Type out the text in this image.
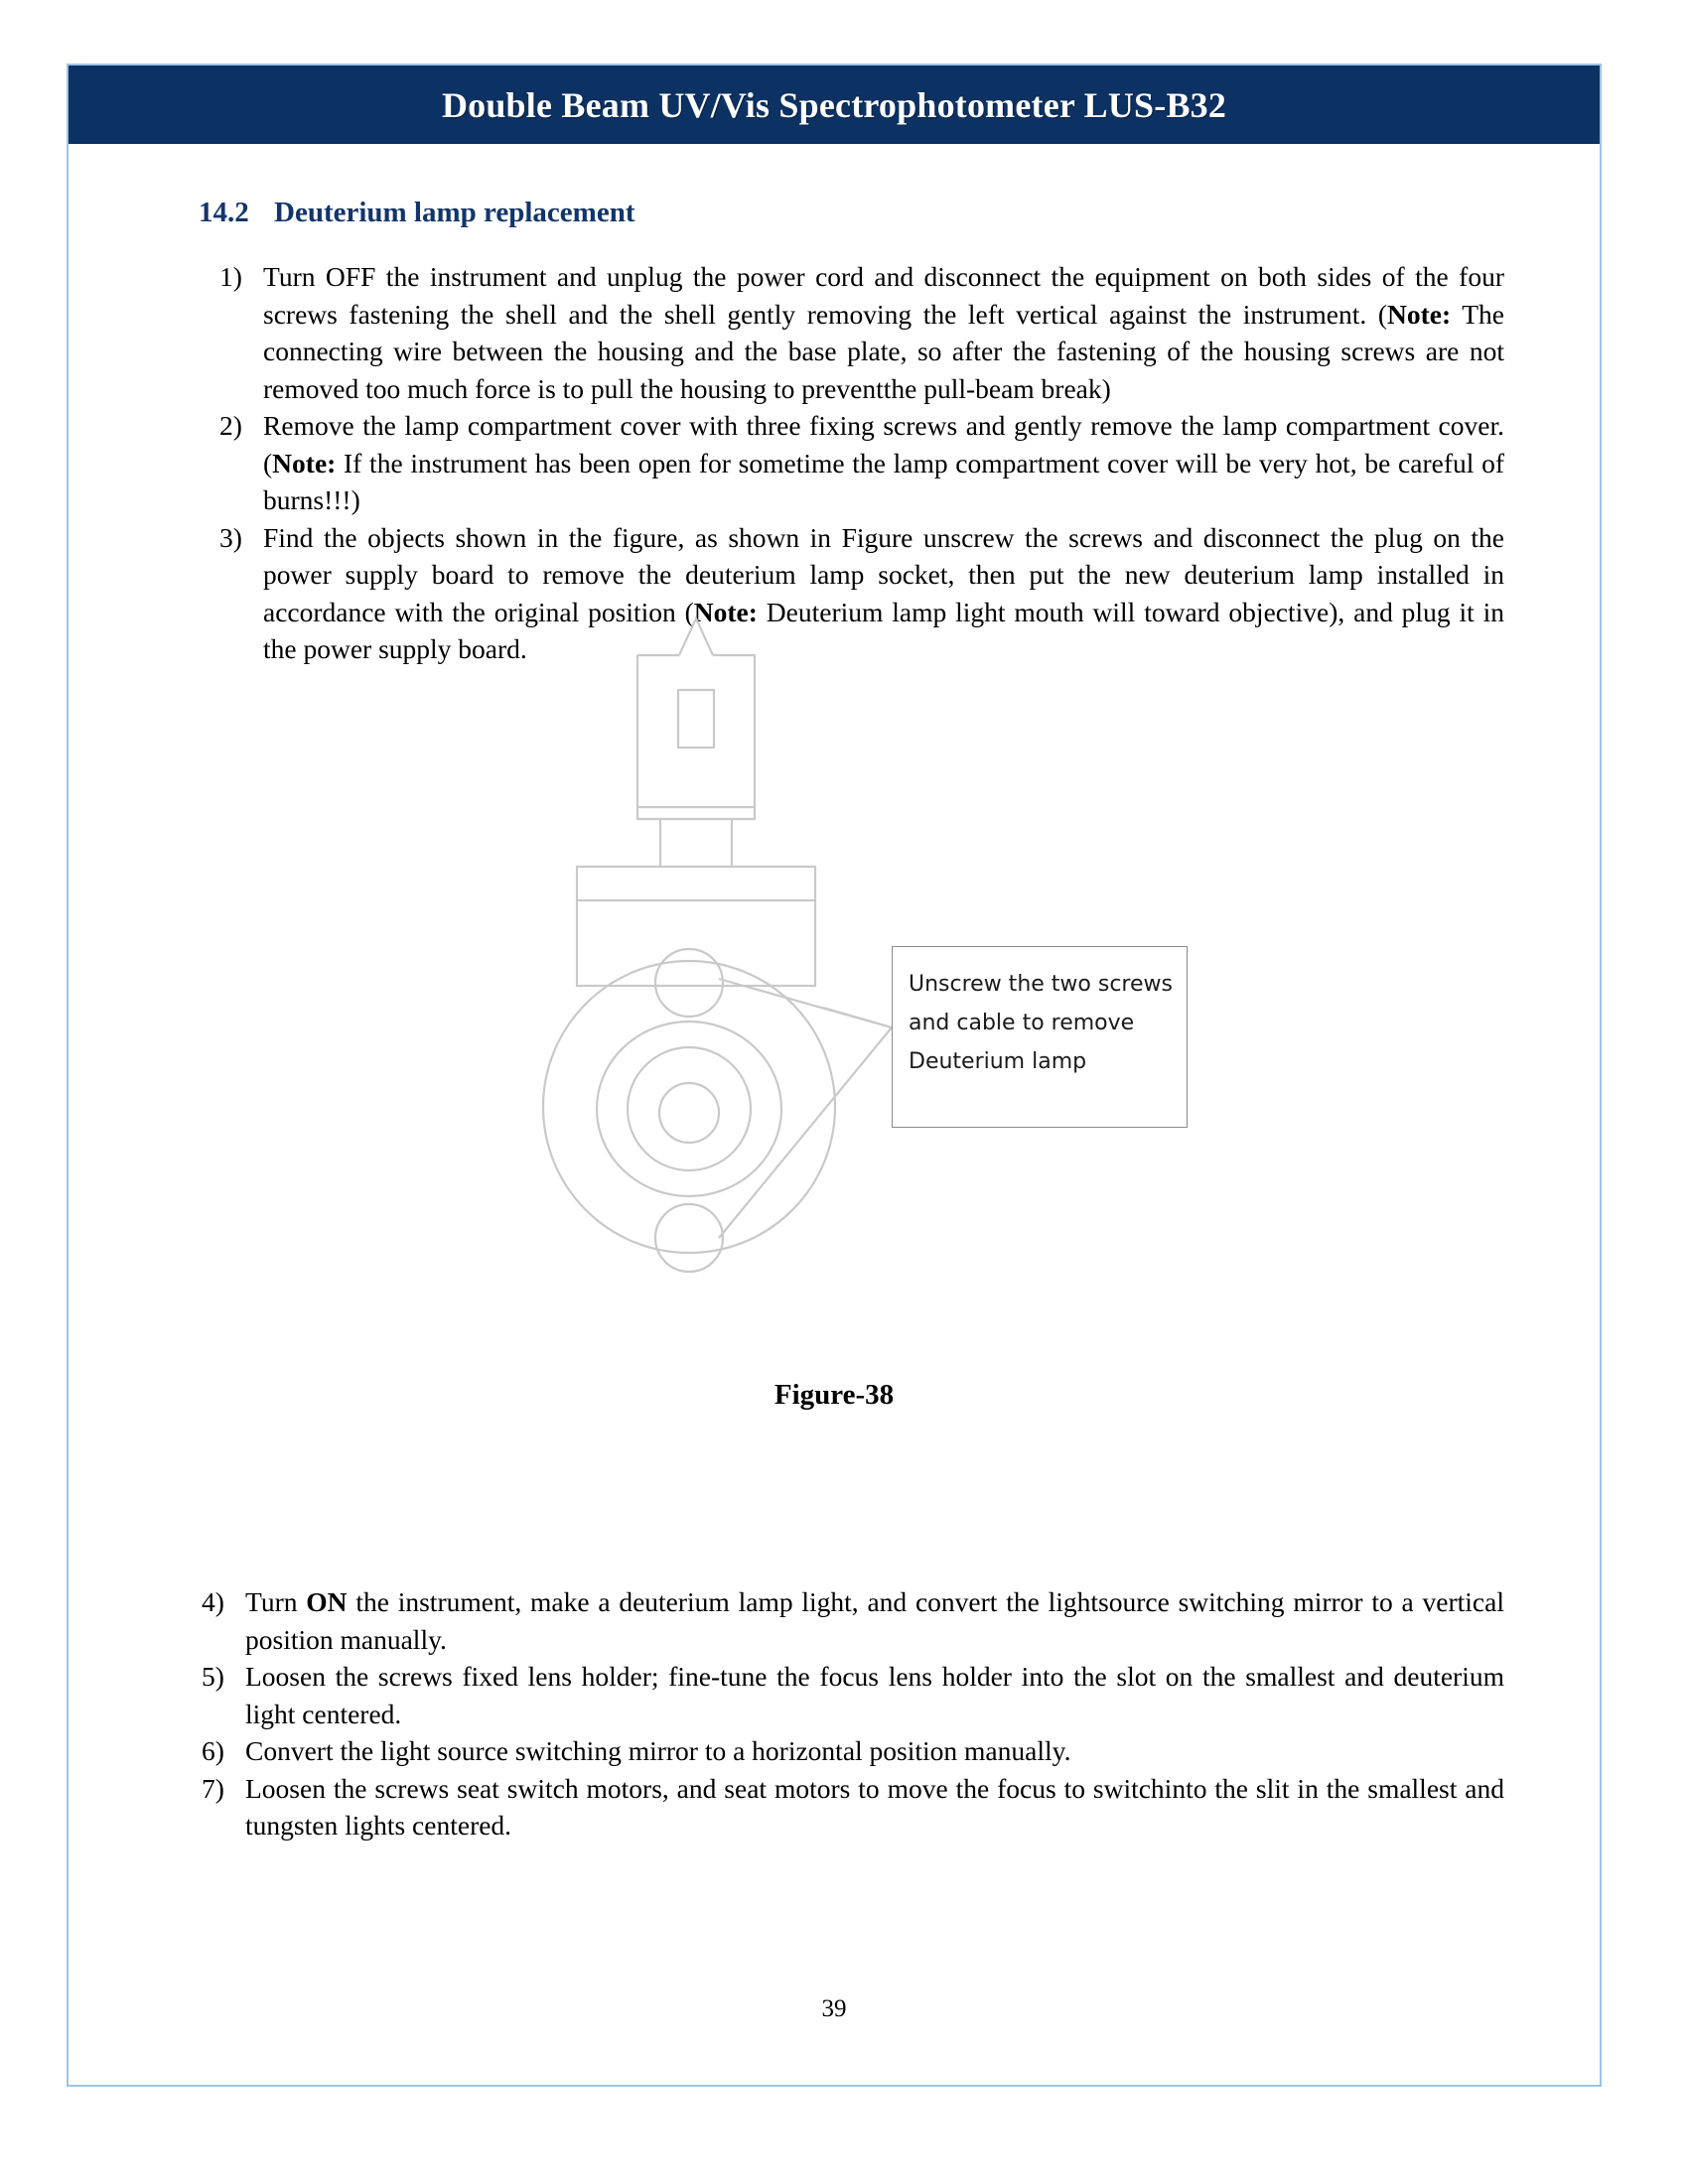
Double Beam UV/Vis Spectrophotometer LUS-B32
14.2 Deuterium lamp replacement
1) Turn OFF the instrument and unplug the power cord and disconnect the equipment on both sides of the four screws fastening the shell and the shell gently removing the left vertical against the instrument. (Note: The connecting wire between the housing and the base plate, so after the fastening of the housing screws are not removed too much force is to pull the housing to preventthe pull-beam break)
2) Remove the lamp compartment cover with three fixing screws and gently remove the lamp compartment cover. (Note: If the instrument has been open for sometime the lamp compartment cover will be very hot, be careful of burns!!!)
3) Find the objects shown in the figure, as shown in Figure unscrew the screws and disconnect the plug on the power supply board to remove the deuterium lamp socket, then put the new deuterium lamp installed in accordance with the original position (Note: Deuterium lamp light mouth will toward objective), and plug it in the power supply board.
Unscrew the two screws
and cable to remove
Deuterium lamp
Figure-38
4) Turn ON the instrument, make a deuterium lamp light, and convert the lightsource switching mirror to a vertical position manually.
5) Loosen the screws fixed lens holder; fine-tune the focus lens holder into the slot on the smallest and deuterium light centered.
6) Convert the light source switching mirror to a horizontal position manually.
7) Loosen the screws seat switch motors, and seat motors to move the focus to switchinto the slit in the smallest and tungsten lights centered.
39
